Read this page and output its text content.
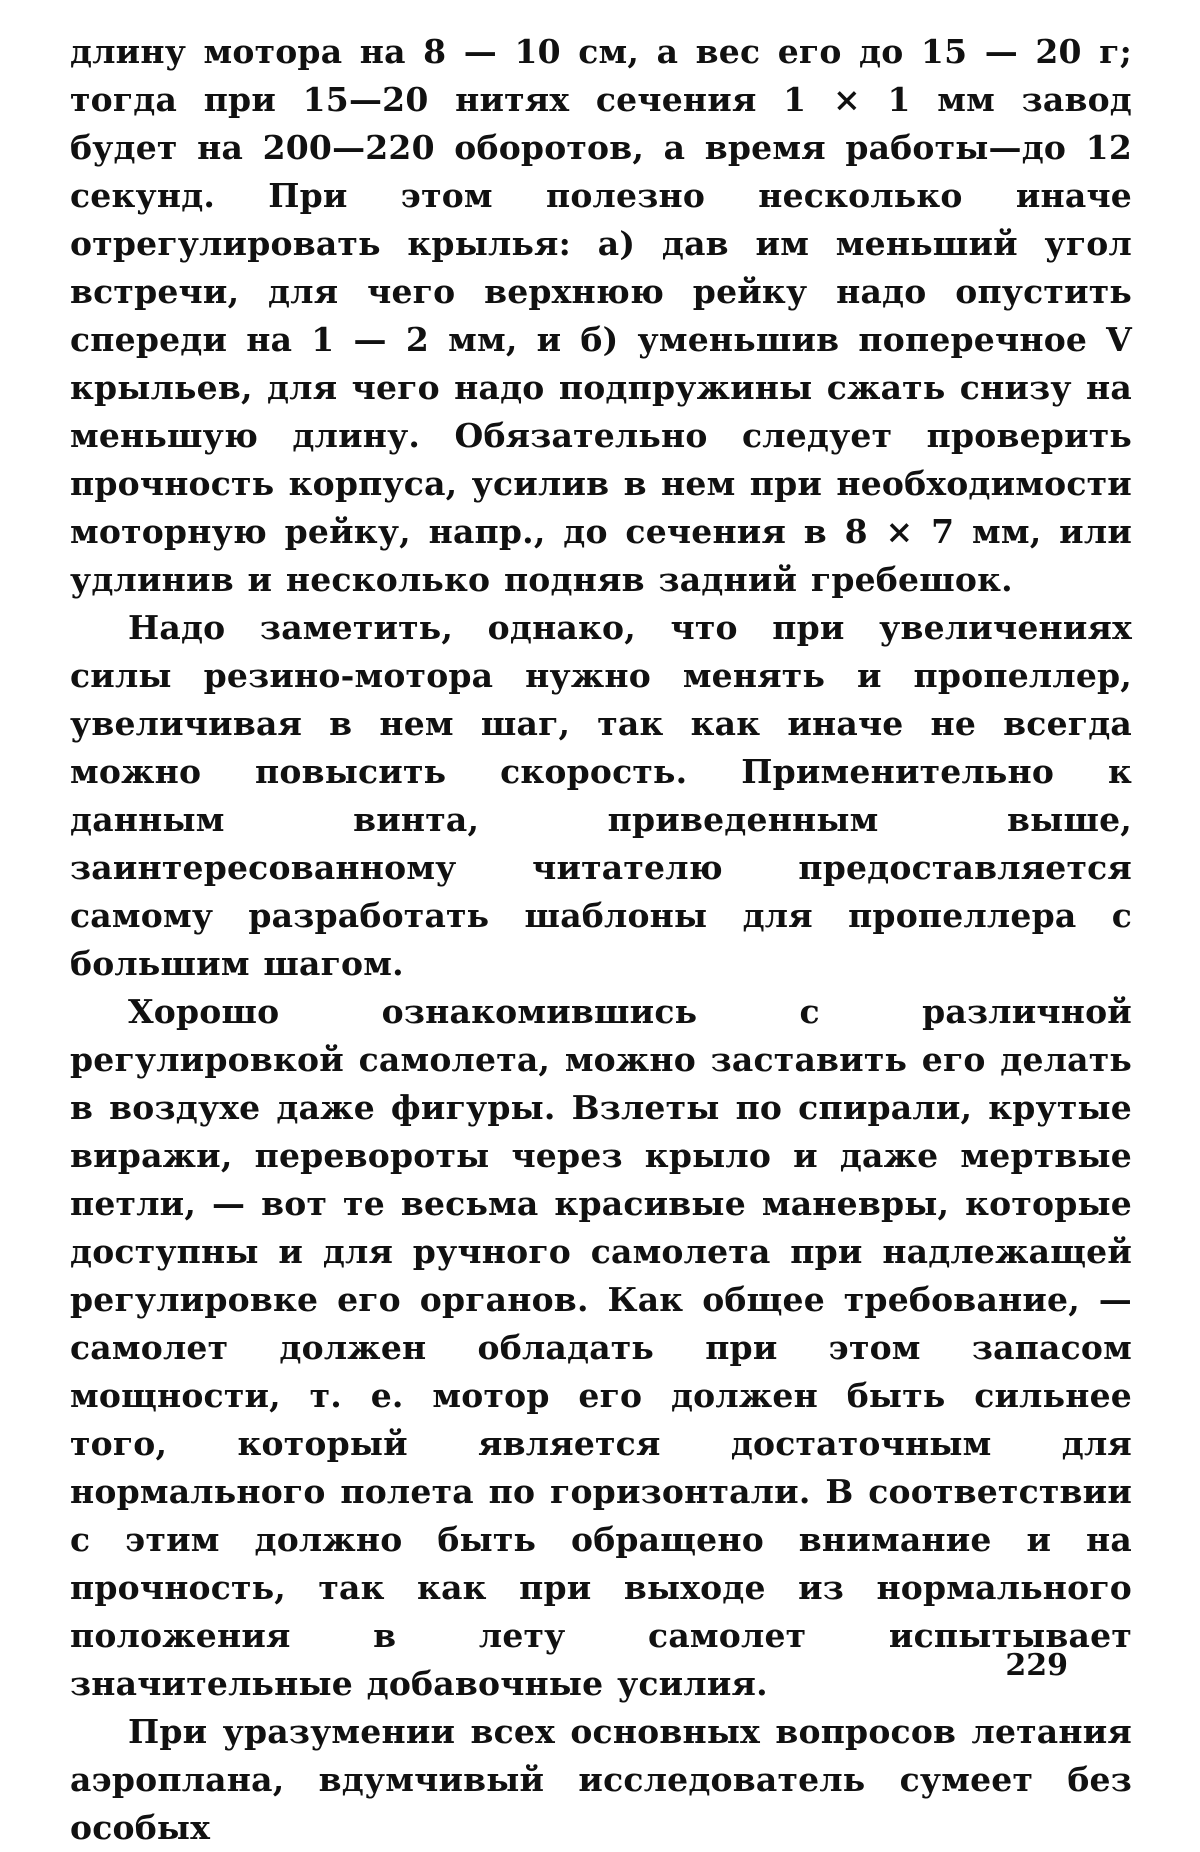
длину мотора на 8 — 10 см, а вес его до 15 — 20 г; тогда при 15—20 нитях сечения 1 × 1 мм завод будет на 200—220 оборотов, а время работы—до 12 секунд. При этом полезно несколько иначе отрегулировать крылья: а) дав им меньший угол встречи, для чего верхнюю рейку надо опустить спереди на 1 — 2 мм, и б) уменьшив поперечное V крыльев, для чего надо подпружины сжать снизу на меньшую длину. Обязательно следует проверить прочность корпуса, усилив в нем при необходимости моторную рейку, напр., до сечения в 8 × 7 мм, или удлинив и несколько подняв задний гребешок.

Надо заметить, однако, что при увеличениях силы резино-мотора нужно менять и пропеллер, увеличивая в нем шаг, так как иначе не всегда можно повысить скорость. Применительно к данным винта, приведенным выше, заинтересованному читателю предоставляется самому разработать шаблоны для пропеллера с большим шагом.

Хорошо ознакомившись с различной регулировкой самолета, можно заставить его делать в воздухе даже фигуры. Взлеты по спирали, крутые виражи, перевороты через крыло и даже мертвые петли, — вот те весьма красивые маневры, которые доступны и для ручного самолета при надлежащей регулировке его органов. Как общее требование, — самолет должен обладать при этом запасом мощности, т. е. мотор его должен быть сильнее того, который является достаточным для нормального полета по горизонтали. В соответствии с этим должно быть обращено внимание и на прочность, так как при выходе из нормального положения в лету самолет испытывает значительные добавочные усилия.

При уразумении всех основных вопросов летания аэроплана, вдумчивый исследователь сумеет без особых

229
